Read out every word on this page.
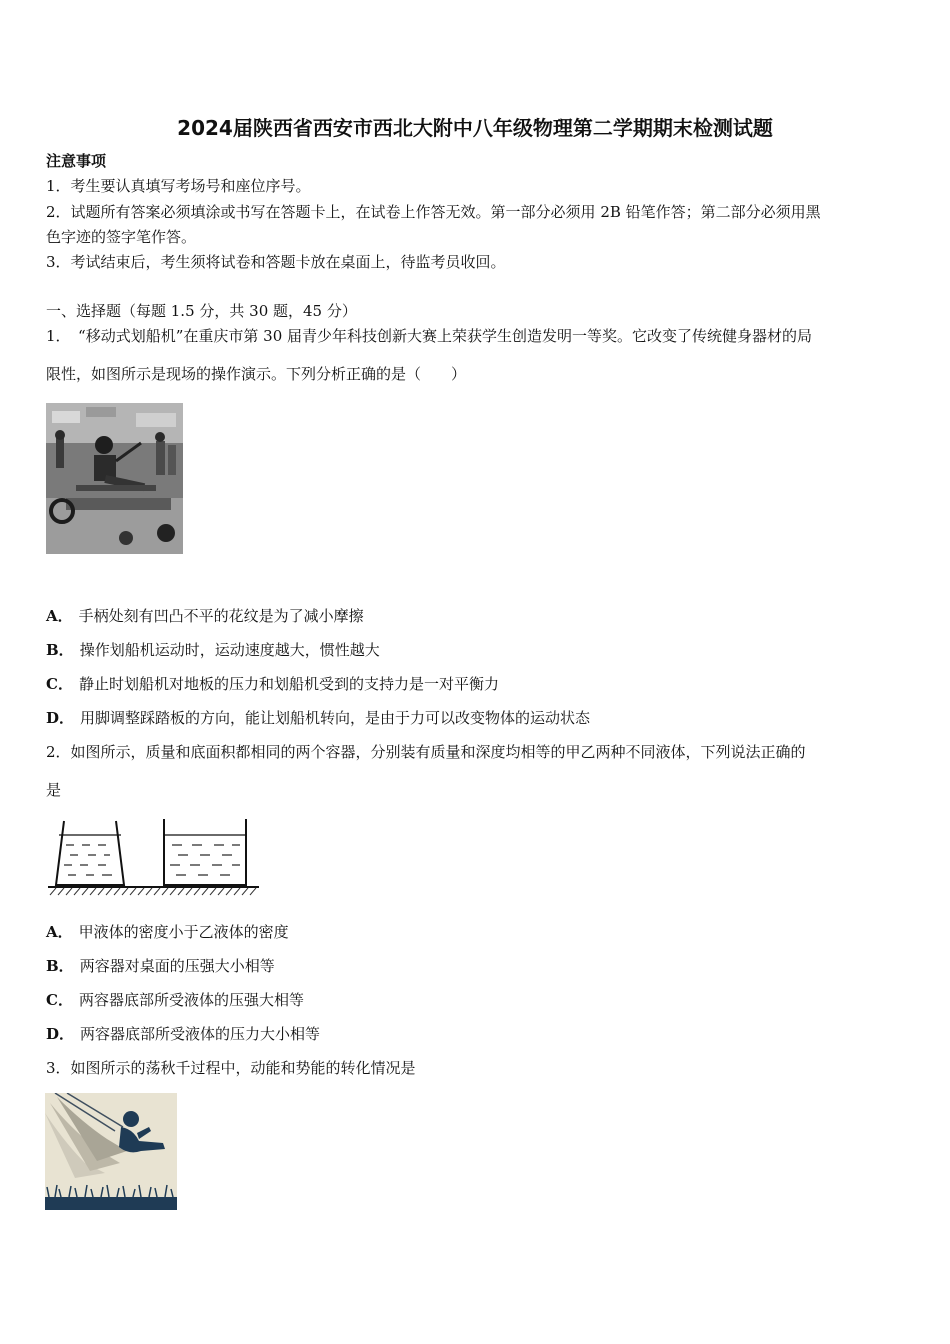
2024届陕西省西安市西北大附中八年级物理第二学期期末检测试题
注意事项
1．考生要认真填写考场号和座位序号。
2．试题所有答案必须填涂或书写在答题卡上，在试卷上作答无效。第一部分必须用 2B 铅笔作答；第二部分必须用黑
色字迹的签字笔作答。
3．考试结束后，考生须将试卷和答题卡放在桌面上，待监考员收回。
一、选择题（每题 1.5 分，共 30 题，45 分）
1．　“移动式划船机”在重庆市第 30 届青少年科技创新大赛上荣获学生创造发明一等奖。它改变了传统健身器材的局
限性，如图所示是现场的操作演示。下列分析正确的是（　　）
A． 手柄处刻有凹凸不平的花纹是为了减小摩擦
B． 操作划船机运动时，运动速度越大，惯性越大
C． 静止时划船机对地板的压力和划船机受到的支持力是一对平衡力
D． 用脚调整踩踏板的方向，能让划船机转向，是由于力可以改变物体的运动状态
2．如图所示，质量和底面积都相同的两个容器，分别装有质量和深度均相等的甲乙两种不同液体，下列说法正确的
是
A． 甲液体的密度小于乙液体的密度
B． 两容器对桌面的压强大小相等
C． 两容器底部所受液体的压强大相等
D． 两容器底部所受液体的压力大小相等
3．如图所示的荡秋千过程中，动能和势能的转化情况是
